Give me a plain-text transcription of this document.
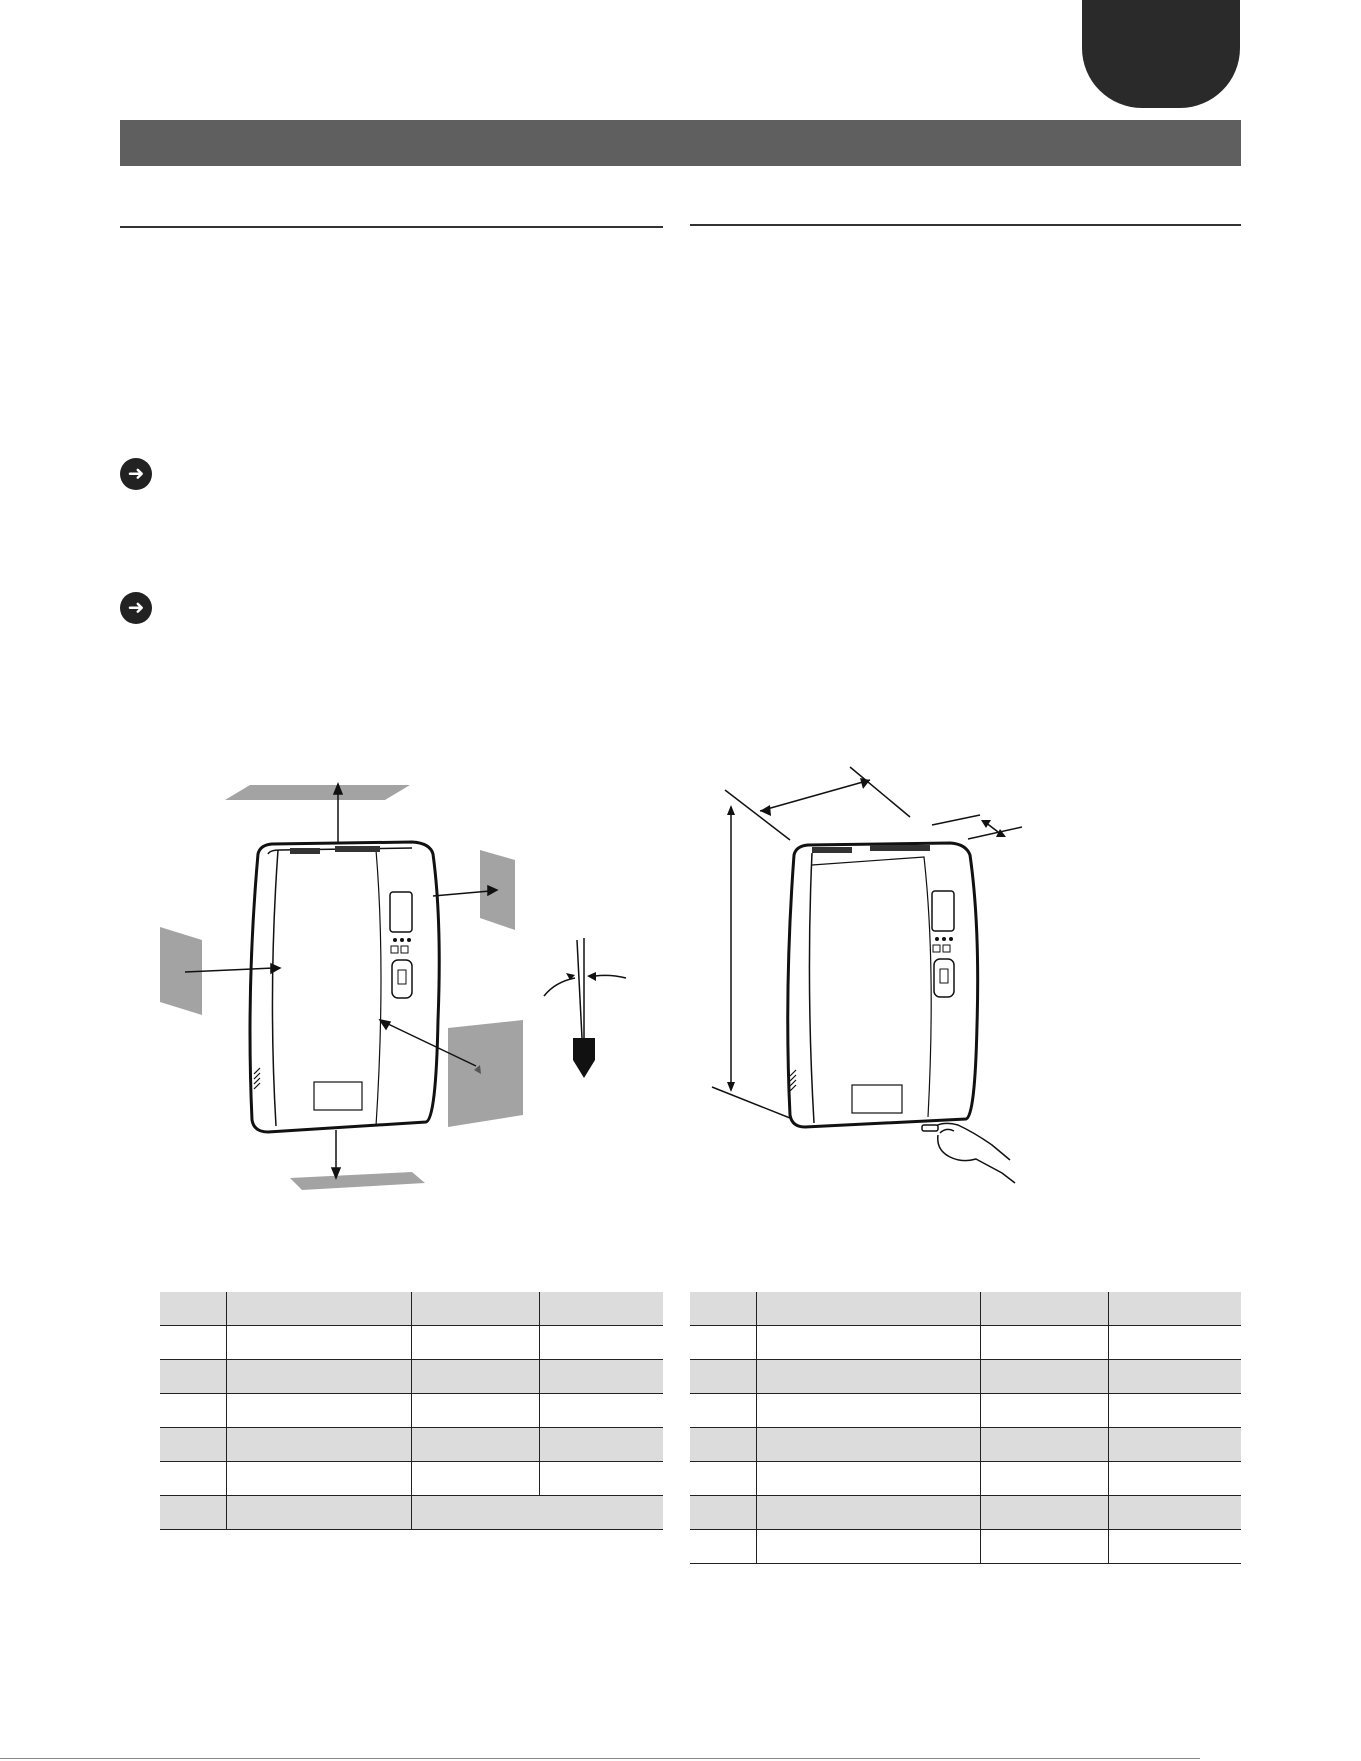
➜
➜
